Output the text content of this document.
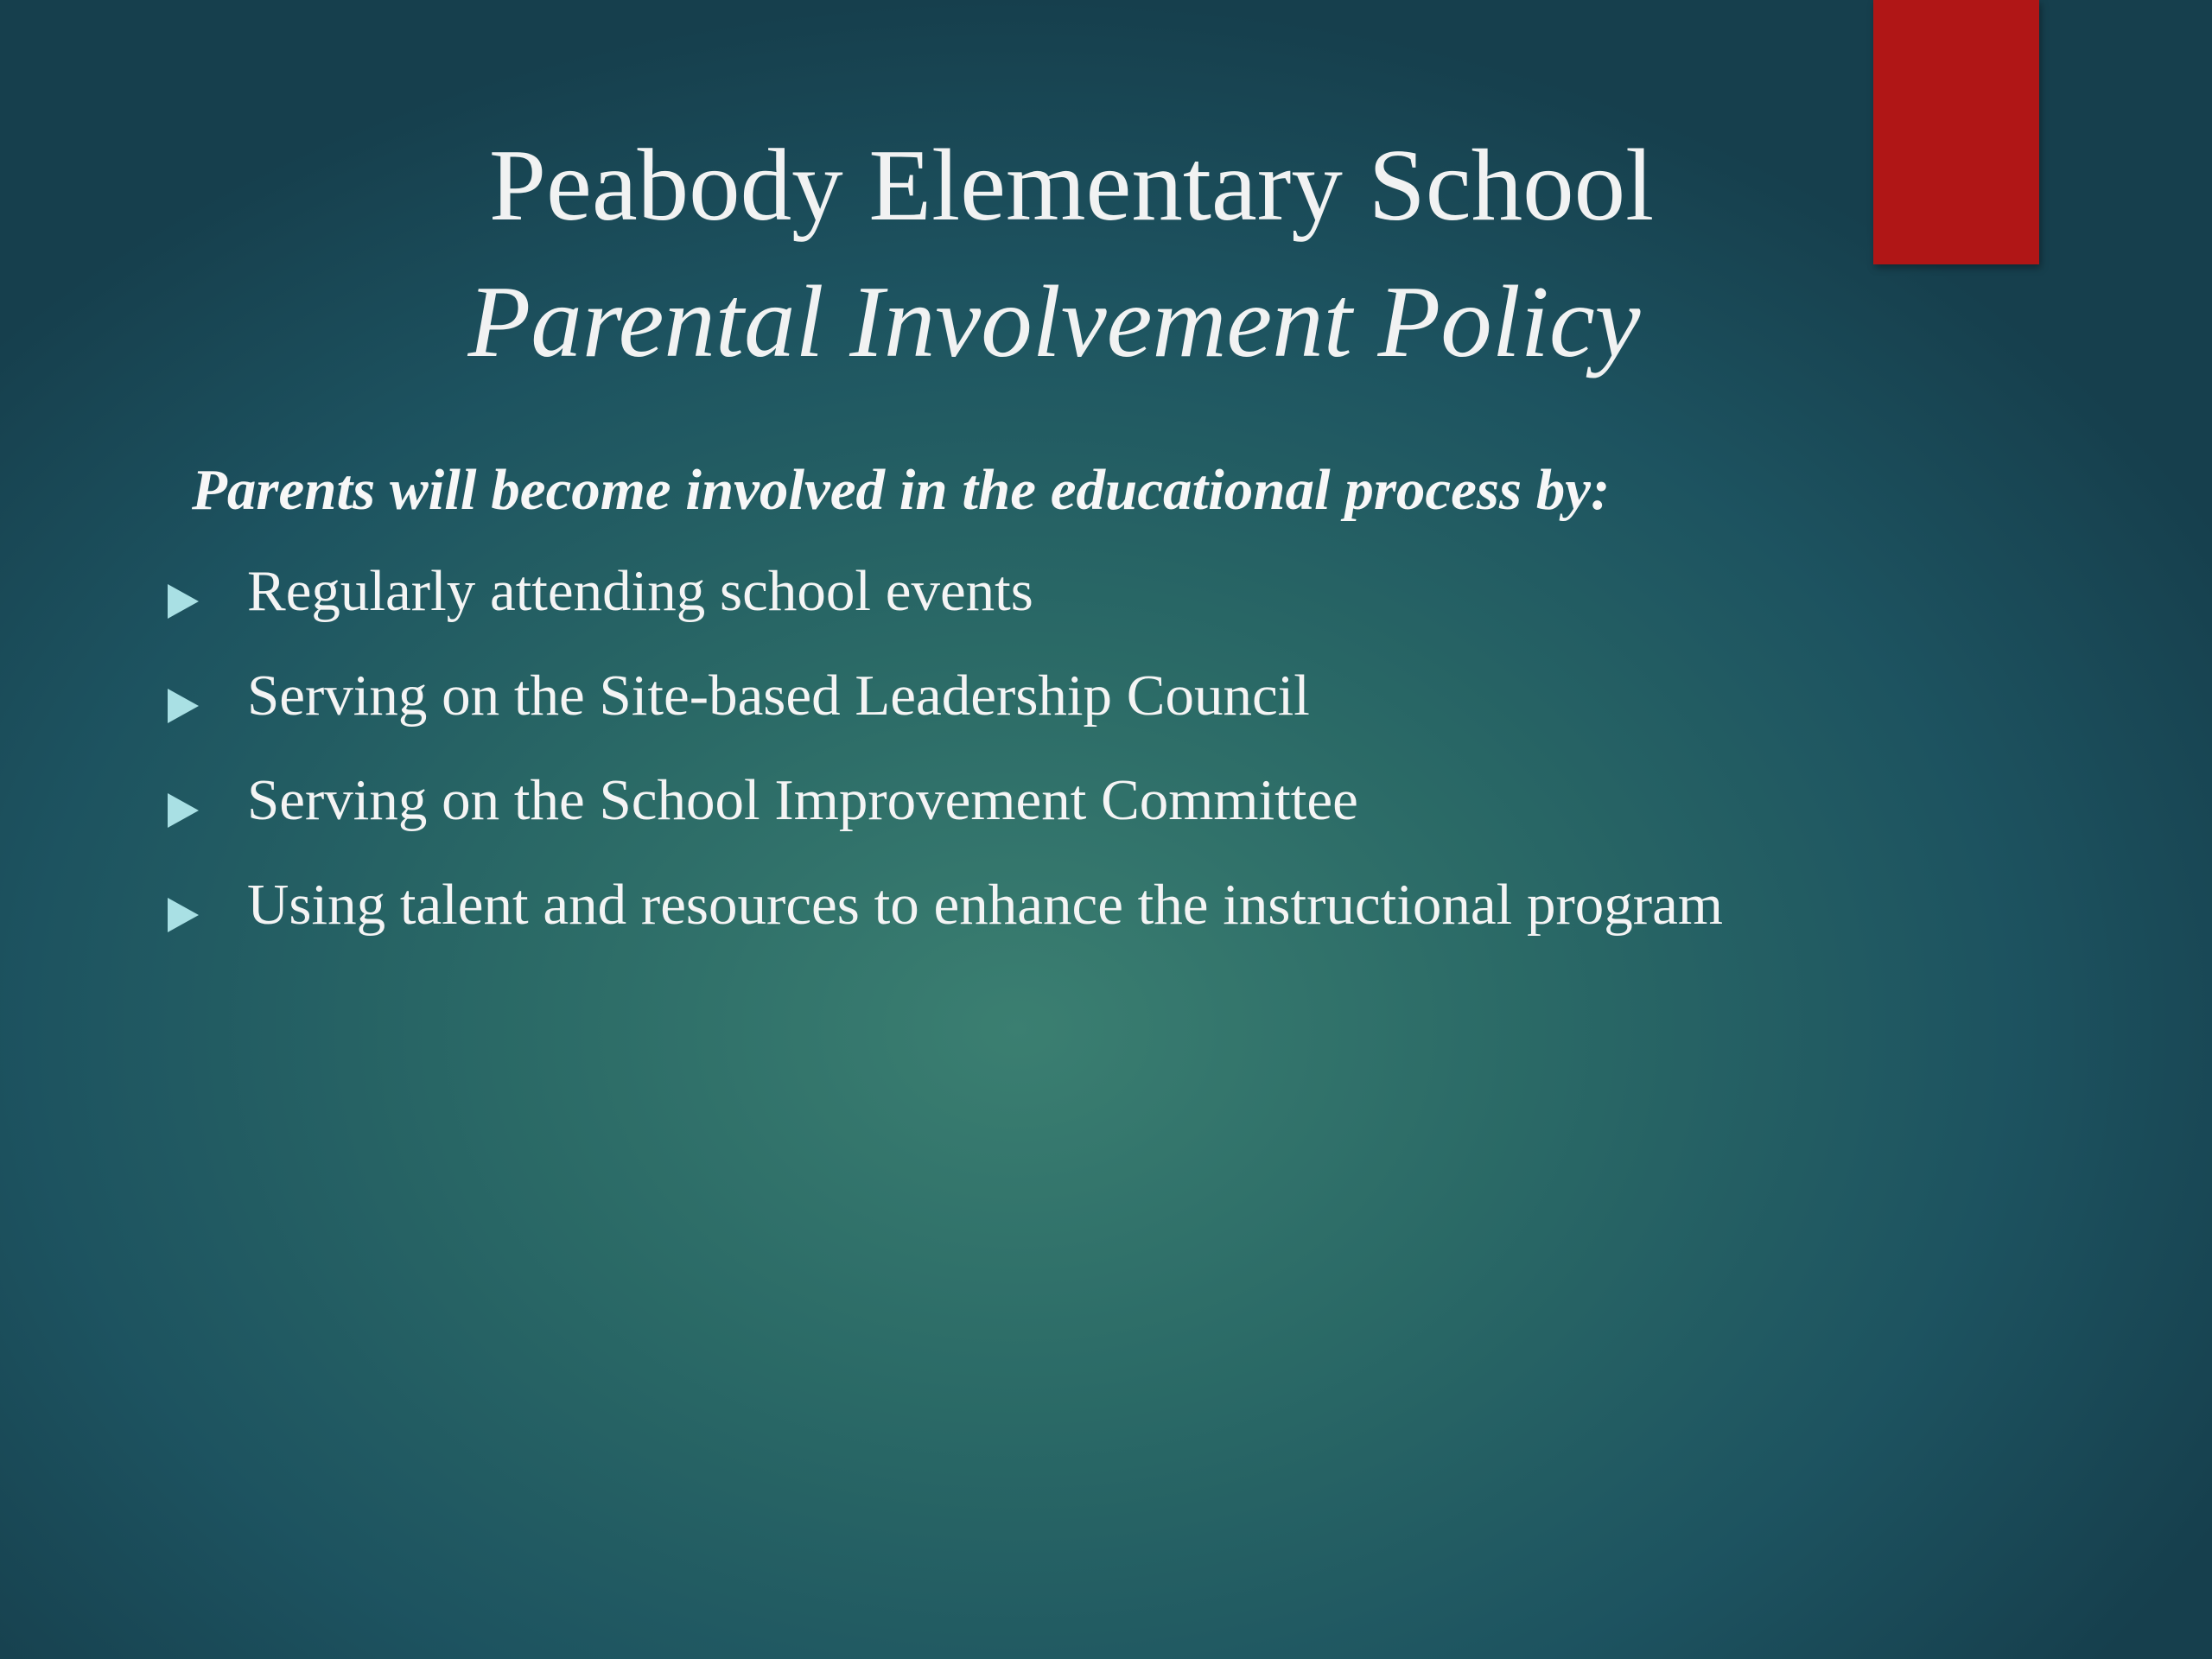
Peabody Elementary School
Parental Involvement Policy
Parents will become involved in the educational process by:
Regularly attending school events
Serving on the Site-based Leadership Council
Serving on the School Improvement Committee
Using talent and resources to enhance the instructional program
